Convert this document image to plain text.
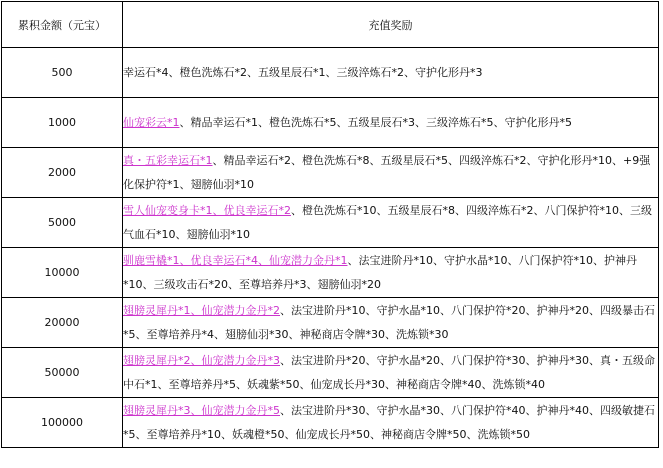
累积金额（元宝）	充值奖励
500	幸运石*4、橙色洗炼石*2、五级星辰石*1、三级淬炼石*2、守护化形丹*3
1000	仙宠彩云*1、精品幸运石*1、橙色洗炼石*5、五级星辰石*3、三级淬炼石*5、守护化形丹*5
2000	真・五彩幸运石*1、精品幸运石*2、橙色洗炼石*8、五级星辰石*5、四级淬炼石*2、守护化形丹*10、+9强化保护符*1、翅膀仙羽*10
5000	雪人仙宠变身卡*1、优良幸运石*2、橙色洗炼石*10、五级星辰石*8、四级淬炼石*2、八门保护符*10、三级气血石*10、翅膀仙羽*10
10000	驯鹿雪橇*1、优良幸运石*4、仙宠潜力金丹*1、法宝进阶丹*10、守护水晶*10、八门保护符*10、护神丹*10、三级攻击石*20、至尊培养丹*3、翅膀仙羽*20
20000	翅膀灵犀丹*1、仙宠潜力金丹*2、法宝进阶丹*10、守护水晶*10、八门保护符*20、护神丹*20、四级暴击石*5、至尊培养丹*4、翅膀仙羽*30、神秘商店令牌*30、洗炼锁*30
50000	翅膀灵犀丹*2、仙宠潜力金丹*3、法宝进阶丹*20、守护水晶*20、八门保护符*30、护神丹*30、真・五级命中石*1、至尊培养丹*5、妖魂紫*50、仙宠成长丹*30、神秘商店令牌*40、洗炼锁*40
100000	翅膀灵犀丹*3、仙宠潜力金丹*5、法宝进阶丹*30、守护水晶*30、八门保护符*40、护神丹*40、四级敏捷石*5、至尊培养丹*10、妖魂橙*50、仙宠成长丹*50、神秘商店令牌*50、洗炼锁*50
